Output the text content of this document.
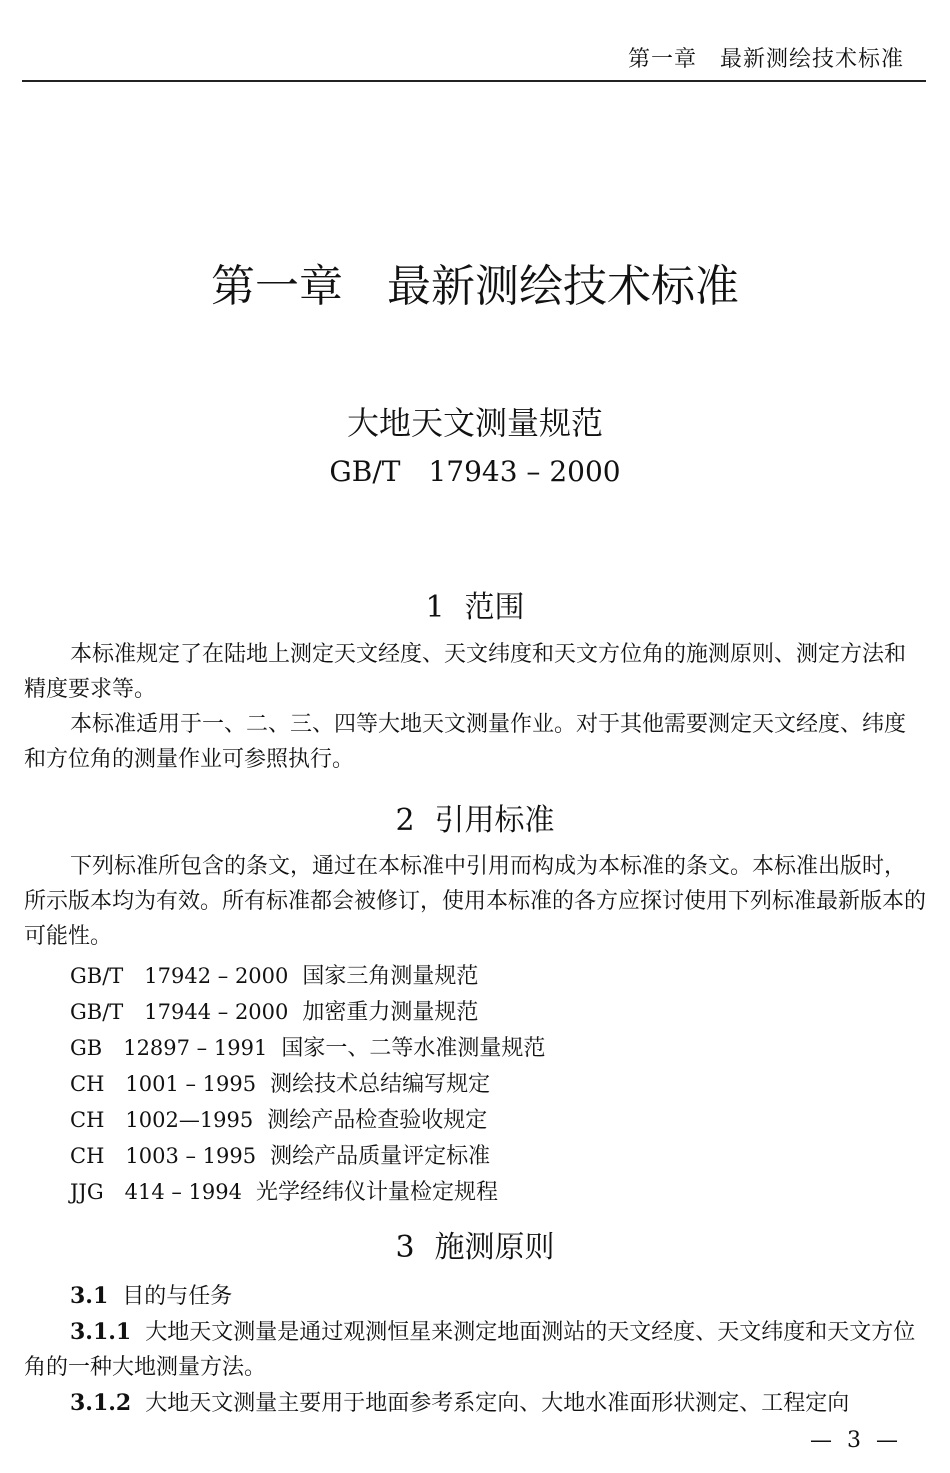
第一章　最新测绘技术标准
第一章　最新测绘技术标准
大地天文测量规范
GB/T　17943 – 2000
1 范围

本标准规定了在陆地上测定天文经度、天文纬度和天文方位角的施测原则、测定方法和精度要求等。

本标准适用于一、二、三、四等大地天文测量作业。对于其他需要测定天文经度、纬度和方位角的测量作业可参照执行。

2 引用标准

下列标准所包含的条文，通过在本标准中引用而构成为本标准的条文。本标准出版时，所示版本均为有效。所有标准都会被修订，使用本标准的各方应探讨使用下列标准最新版本的可能性。

GB/T　17942 – 2000 国家三角测量规范
GB/T　17944 – 2000 加密重力测量规范
GB　12897 – 1991 国家一、二等水准测量规范
CH　1001 – 1995 测绘技术总结编写规定
CH　1002—1995 测绘产品检查验收规定
CH　1003 – 1995 测绘产品质量评定标准
JJG　414 – 1994 光学经纬仪计量检定规程
3 施测原则

3.1 目的与任务

3.1.1 大地天文测量是通过观测恒星来测定地面测站的天文经度、天文纬度和天文方位角的一种大地测量方法。

3.1.2 大地天文测量主要用于地面参考系定向、大地水准面形状测定、工程定向

— 3 —
